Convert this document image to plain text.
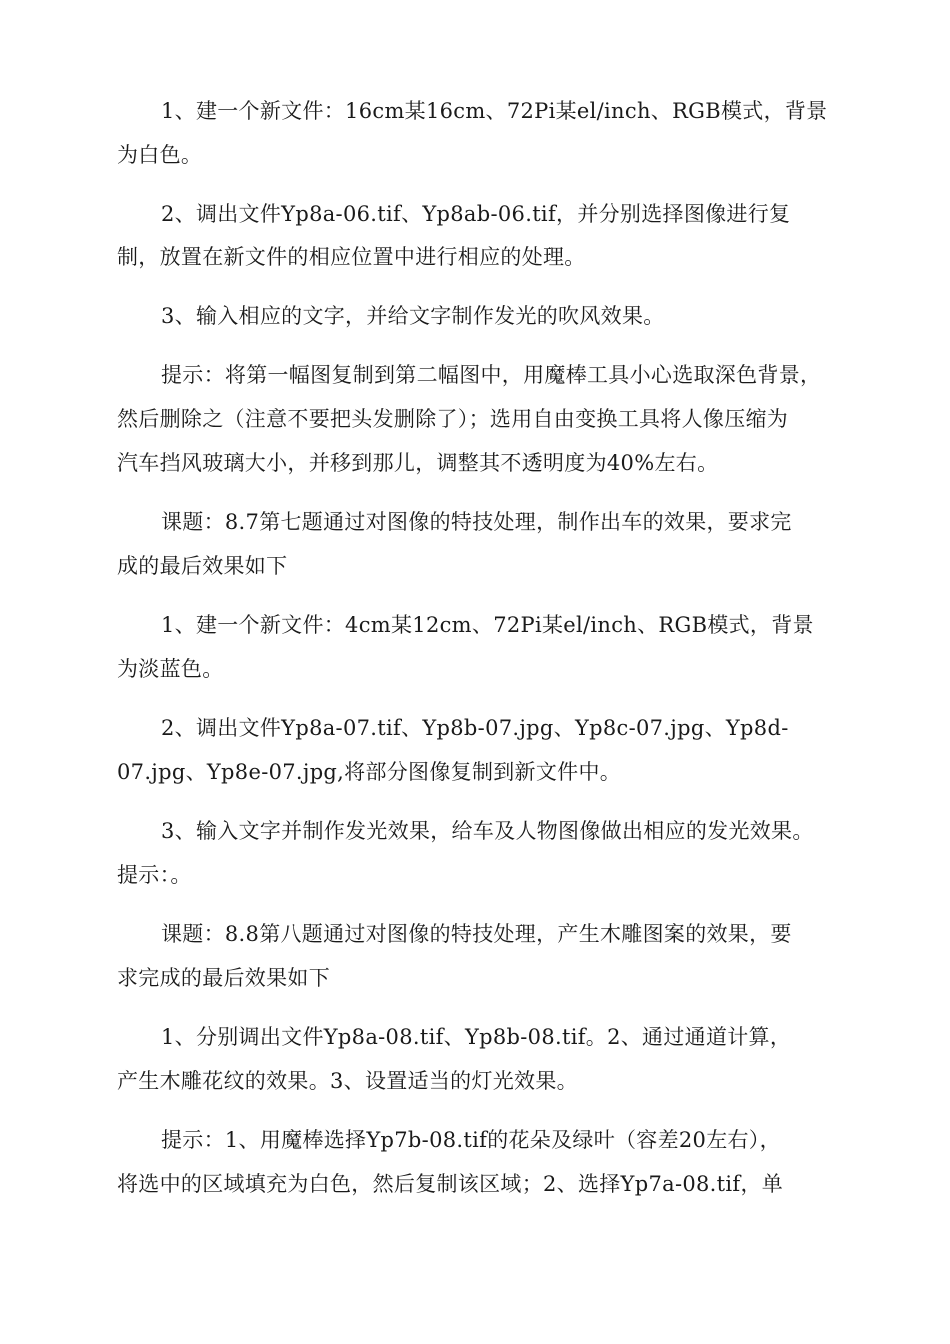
1、建一个新文件：16cm某16cm、72Pi某el/inch、RGB模式，背景
为白色。
2、调出文件Yp8a-06.tif、Yp8ab-06.tif，并分别选择图像进行复
制，放置在新文件的相应位置中进行相应的处理。
3、输入相应的文字，并给文字制作发光的吹风效果。
提示：将第一幅图复制到第二幅图中，用魔棒工具小心选取深色背景，
然后删除之（注意不要把头发删除了）；选用自由变换工具将人像压缩为
汽车挡风玻璃大小，并移到那儿，调整其不透明度为40%左右。
课题：8.7第七题通过对图像的特技处理，制作出车的效果，要求完
成的最后效果如下
1、建一个新文件：4cm某12cm、72Pi某el/inch、RGB模式，背景
为淡蓝色。
2、调出文件Yp8a-07.tif、Yp8b-07.jpg、Yp8c-07.jpg、Yp8d-
07.jpg、Yp8e-07.jpg,将部分图像复制到新文件中。
3、输入文字并制作发光效果，给车及人物图像做出相应的发光效果。
提示：。
课题：8.8第八题通过对图像的特技处理，产生木雕图案的效果，要
求完成的最后效果如下
1、分别调出文件Yp8a-08.tif、Yp8b-08.tif。2、通过通道计算，
产生木雕花纹的效果。3、设置适当的灯光效果。
提示：1、用魔棒选择Yp7b-08.tif的花朵及绿叶（容差20左右），
将选中的区域填充为白色，然后复制该区域；2、选择Yp7a-08.tif，单
